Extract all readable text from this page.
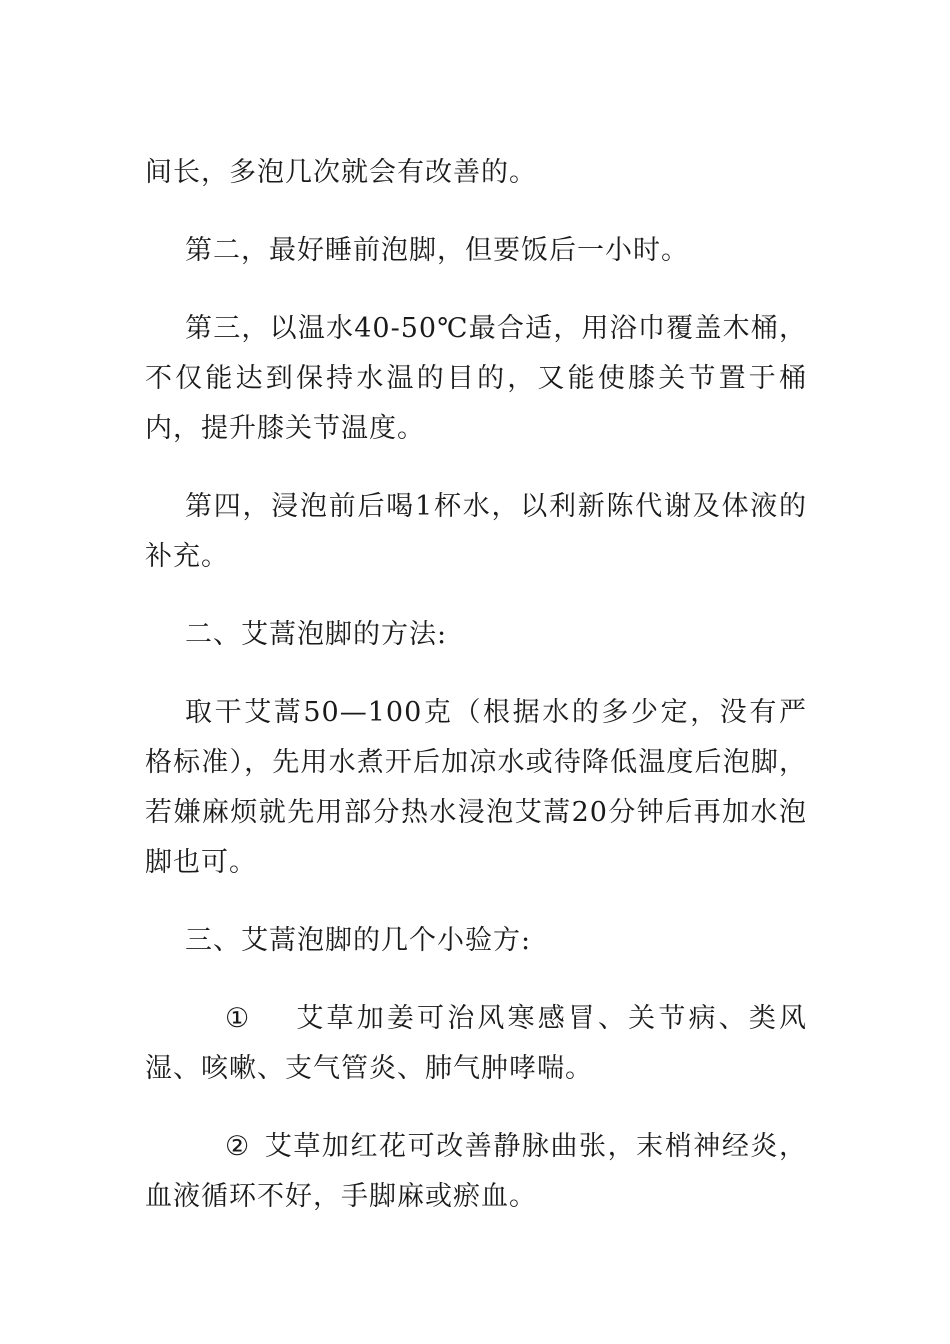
间长，多泡几次就会有改善的。

第二，最好睡前泡脚，但要饭后一小时。

第三，以温水40-50℃最合适，用浴巾覆盖木桶，不仅能达到保持水温的目的，又能使膝关节置于桶内，提升膝关节温度。

第四，浸泡前后喝1杯水，以利新陈代谢及体液的补充。

二、艾蒿泡脚的方法:

取干艾蒿50—100克（根据水的多少定，没有严格标准），先用水煮开后加凉水或待降低温度后泡脚，若嫌麻烦就先用部分热水浸泡艾蒿20分钟后再加水泡脚也可。

三、艾蒿泡脚的几个小验方:

① 艾草加姜可治风寒感冒、关节病、类风湿、咳嗽、支气管炎、肺气肿哮喘。

② 艾草加红花可改善静脉曲张，末梢神经炎，血液循环不好，手脚麻或瘀血。
